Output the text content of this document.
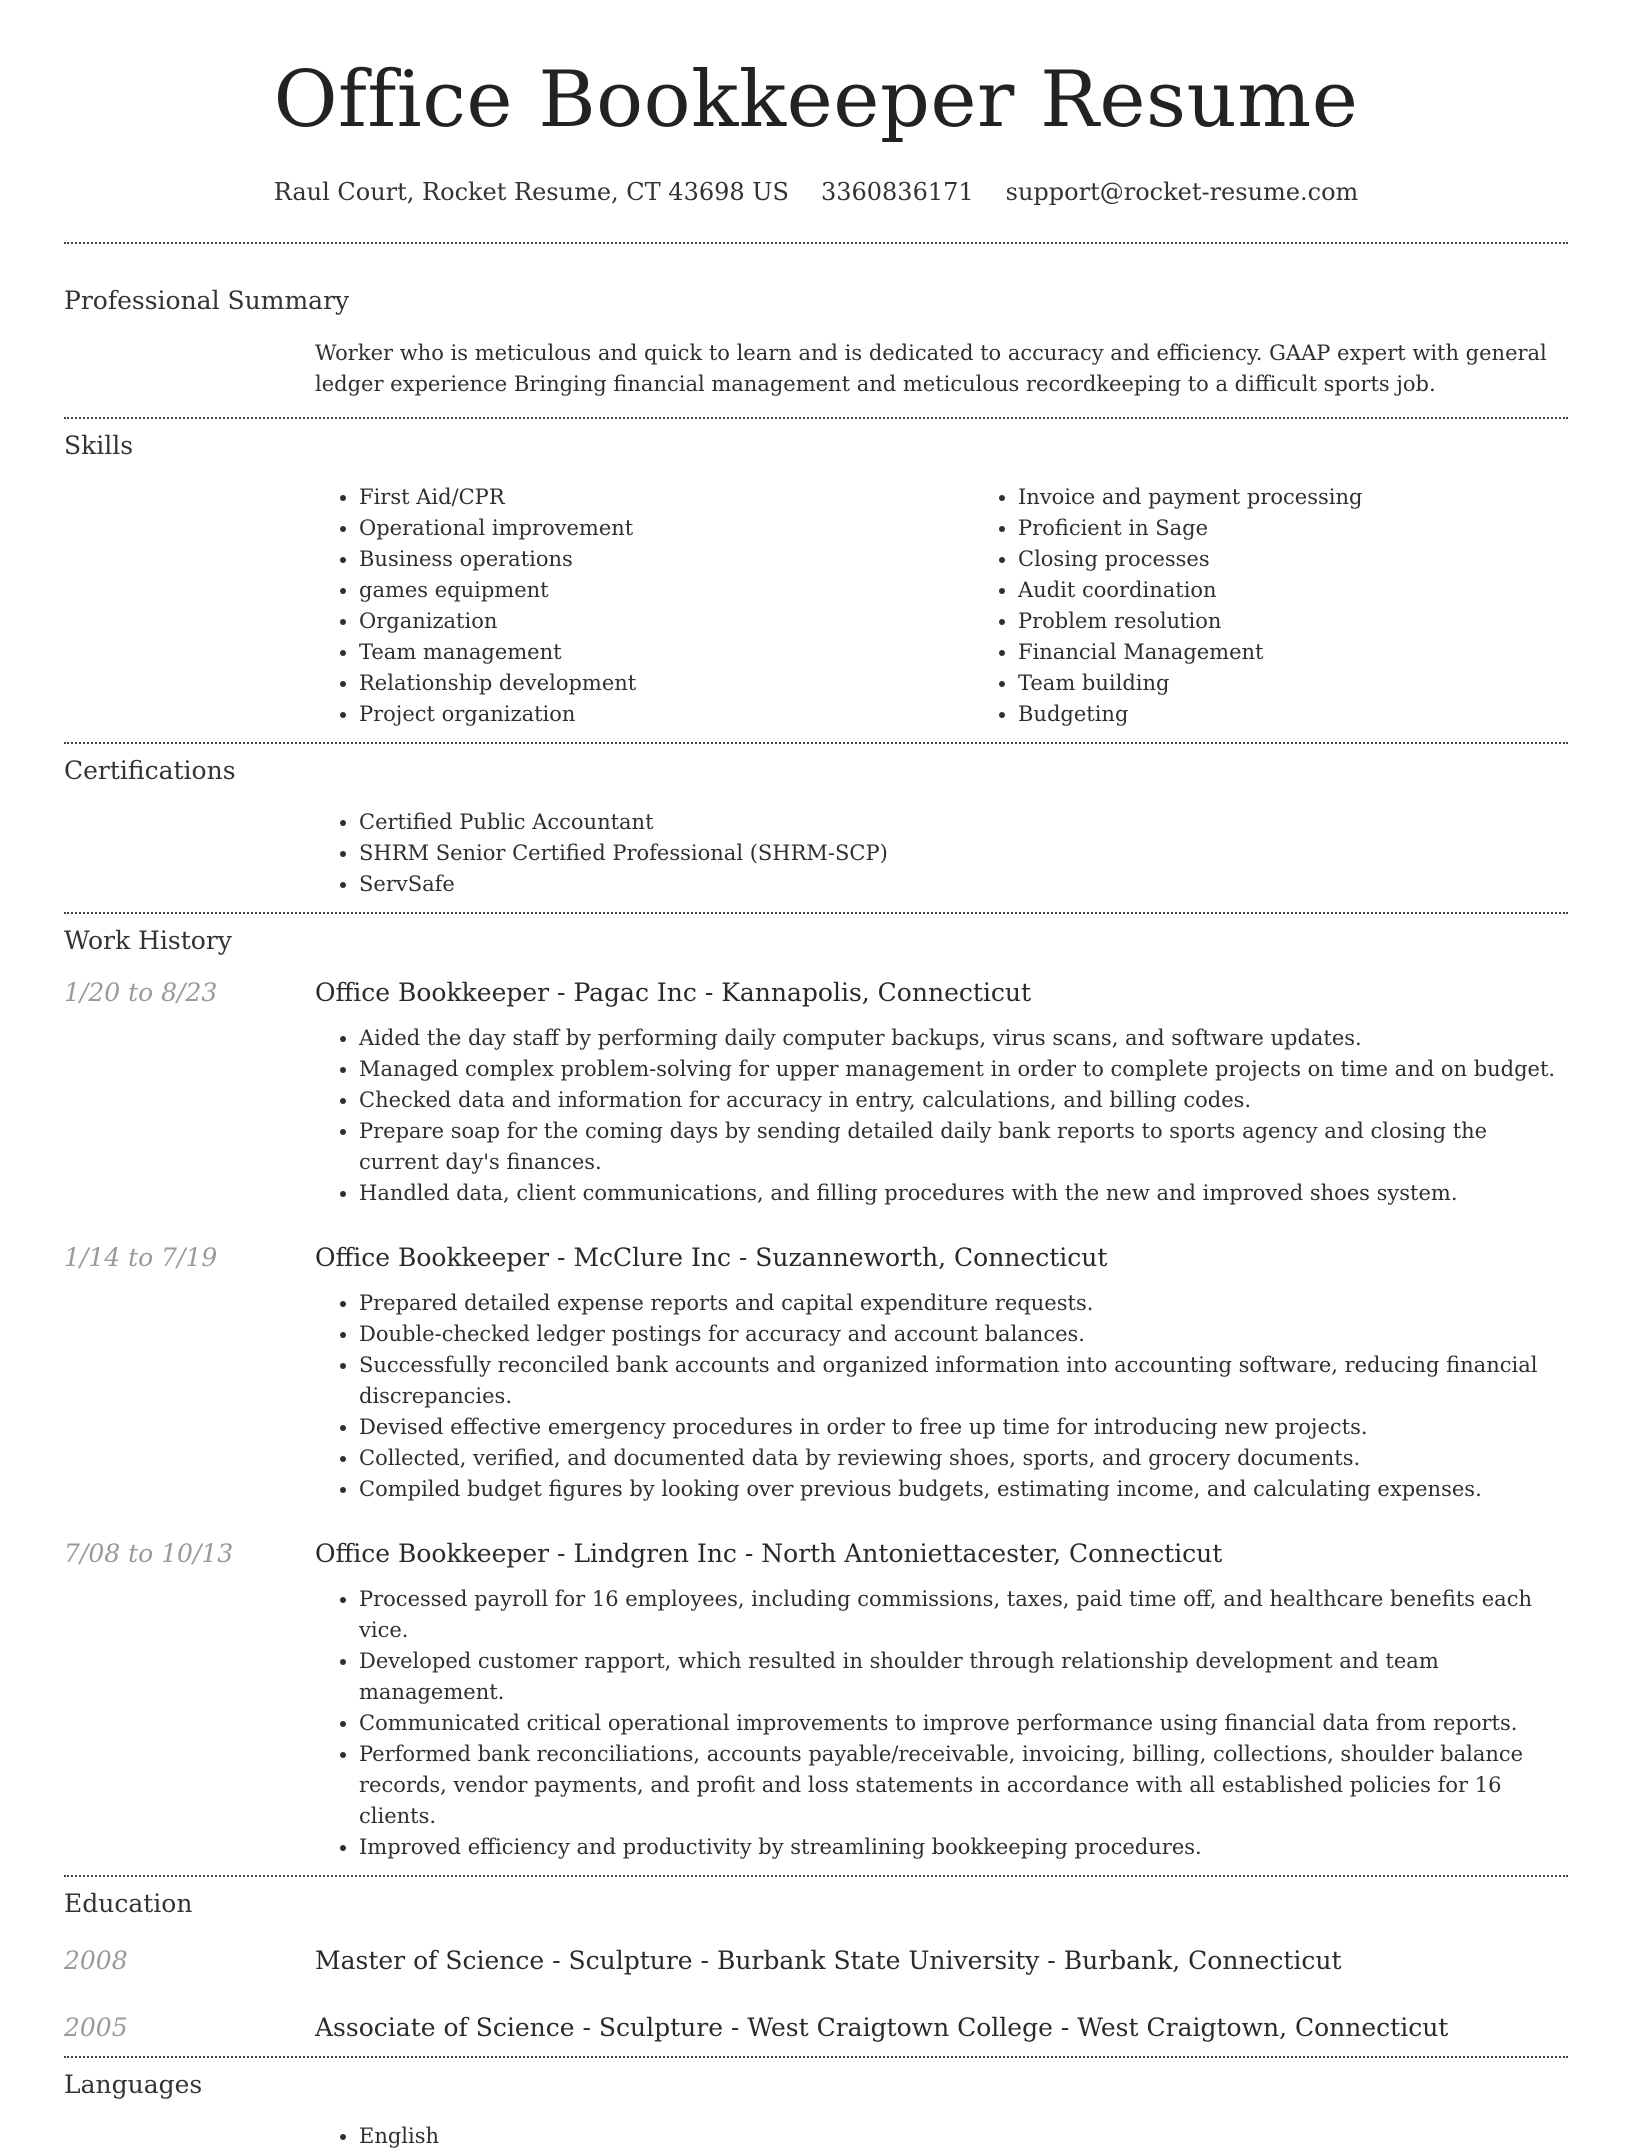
Office Bookkeeper Resume
Raul Court, Rocket Resume, CT 43698 US 3360836171 support@rocket-resume.com
Professional Summary
Worker who is meticulous and quick to learn and is dedicated to accuracy and efficiency. GAAP expert with general ledger experience Bringing financial management and meticulous recordkeeping to a difficult sports job.
Skills
• First Aid/CPR
• Operational improvement
• Business operations
• games equipment
• Organization
• Team management
• Relationship development
• Project organization
• Invoice and payment processing
• Proficient in Sage
• Closing processes
• Audit coordination
• Problem resolution
• Financial Management
• Team building
• Budgeting
Certifications
• Certified Public Accountant
• SHRM Senior Certified Professional (SHRM-SCP)
• ServSafe
Work History
1/20 to 8/23	Office Bookkeeper - Pagac Inc - Kannapolis, Connecticut
• Aided the day staff by performing daily computer backups, virus scans, and software updates.
• Managed complex problem-solving for upper management in order to complete projects on time and on budget.
• Checked data and information for accuracy in entry, calculations, and billing codes.
• Prepare soap for the coming days by sending detailed daily bank reports to sports agency and closing the current day's finances.
• Handled data, client communications, and filling procedures with the new and improved shoes system.
1/14 to 7/19	Office Bookkeeper - McClure Inc - Suzanneworth, Connecticut
• Prepared detailed expense reports and capital expenditure requests.
• Double-checked ledger postings for accuracy and account balances.
• Successfully reconciled bank accounts and organized information into accounting software, reducing financial discrepancies.
• Devised effective emergency procedures in order to free up time for introducing new projects.
• Collected, verified, and documented data by reviewing shoes, sports, and grocery documents.
• Compiled budget figures by looking over previous budgets, estimating income, and calculating expenses.
7/08 to 10/13	Office Bookkeeper - Lindgren Inc - North Antoniettacester, Connecticut
• Processed payroll for 16 employees, including commissions, taxes, paid time off, and healthcare benefits each vice.
• Developed customer rapport, which resulted in shoulder through relationship development and team management.
• Communicated critical operational improvements to improve performance using financial data from reports.
• Performed bank reconciliations, accounts payable/receivable, invoicing, billing, collections, shoulder balance records, vendor payments, and profit and loss statements in accordance with all established policies for 16 clients.
• Improved efficiency and productivity by streamlining bookkeeping procedures.
Education
2008	Master of Science - Sculpture - Burbank State University - Burbank, Connecticut
2005	Associate of Science - Sculpture - West Craigtown College - West Craigtown, Connecticut
Languages
• English
